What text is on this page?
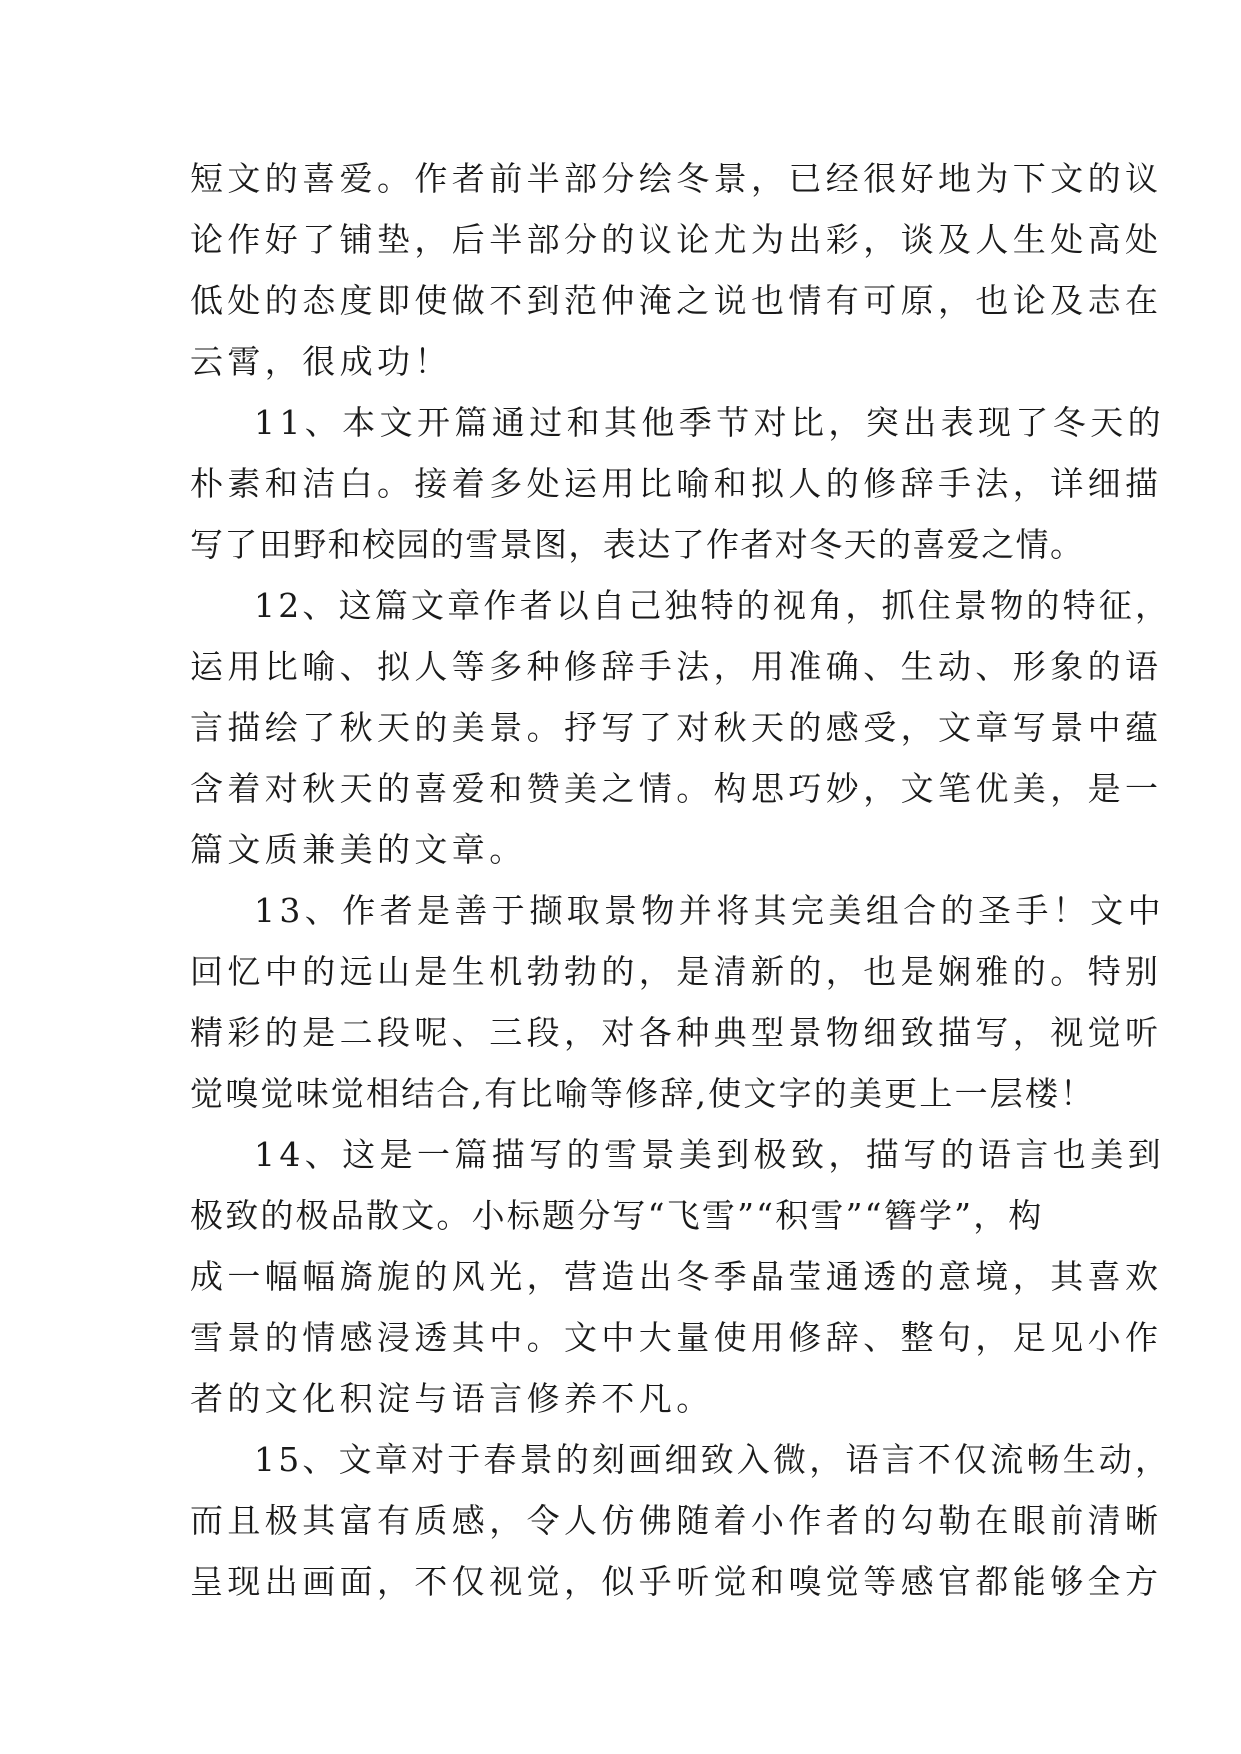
短文的喜爱。作者前半部分绘冬景，已经很好地为下文的议
论作好了铺垫，后半部分的议论尤为出彩，谈及人生处高处
低处的态度即使做不到范仲淹之说也情有可原，也论及志在
云霄，很成功！
11、本文开篇通过和其他季节对比，突出表现了冬天的
朴素和洁白。接着多处运用比喻和拟人的修辞手法，详细描
写了田野和校园的雪景图，表达了作者对冬天的喜爱之情。
12、这篇文章作者以自己独特的视角，抓住景物的特征，
运用比喻、拟人等多种修辞手法，用准确、生动、形象的语
言描绘了秋天的美景。抒写了对秋天的感受，文章写景中蕴
含着对秋天的喜爱和赞美之情。构思巧妙，文笔优美，是一
篇文质兼美的文章。
13、作者是善于撷取景物并将其完美组合的圣手！文中
回忆中的远山是生机勃勃的，是清新的，也是娴雅的。特别
精彩的是二段呢、三段，对各种典型景物细致描写，视觉听
觉嗅觉味觉相结合,有比喻等修辞,使文字的美更上一层楼！
14、这是一篇描写的雪景美到极致，描写的语言也美到
极致的极品散文。小标题分写“飞雪”“积雪”“簪学”，构
成一幅幅旖旎的风光，营造出冬季晶莹通透的意境，其喜欢
雪景的情感浸透其中。文中大量使用修辞、整句，足见小作
者的文化积淀与语言修养不凡。
15、文章对于春景的刻画细致入微，语言不仅流畅生动，
而且极其富有质感，令人仿佛随着小作者的勾勒在眼前清晰
呈现出画面，不仅视觉，似乎听觉和嗅觉等感官都能够全方
